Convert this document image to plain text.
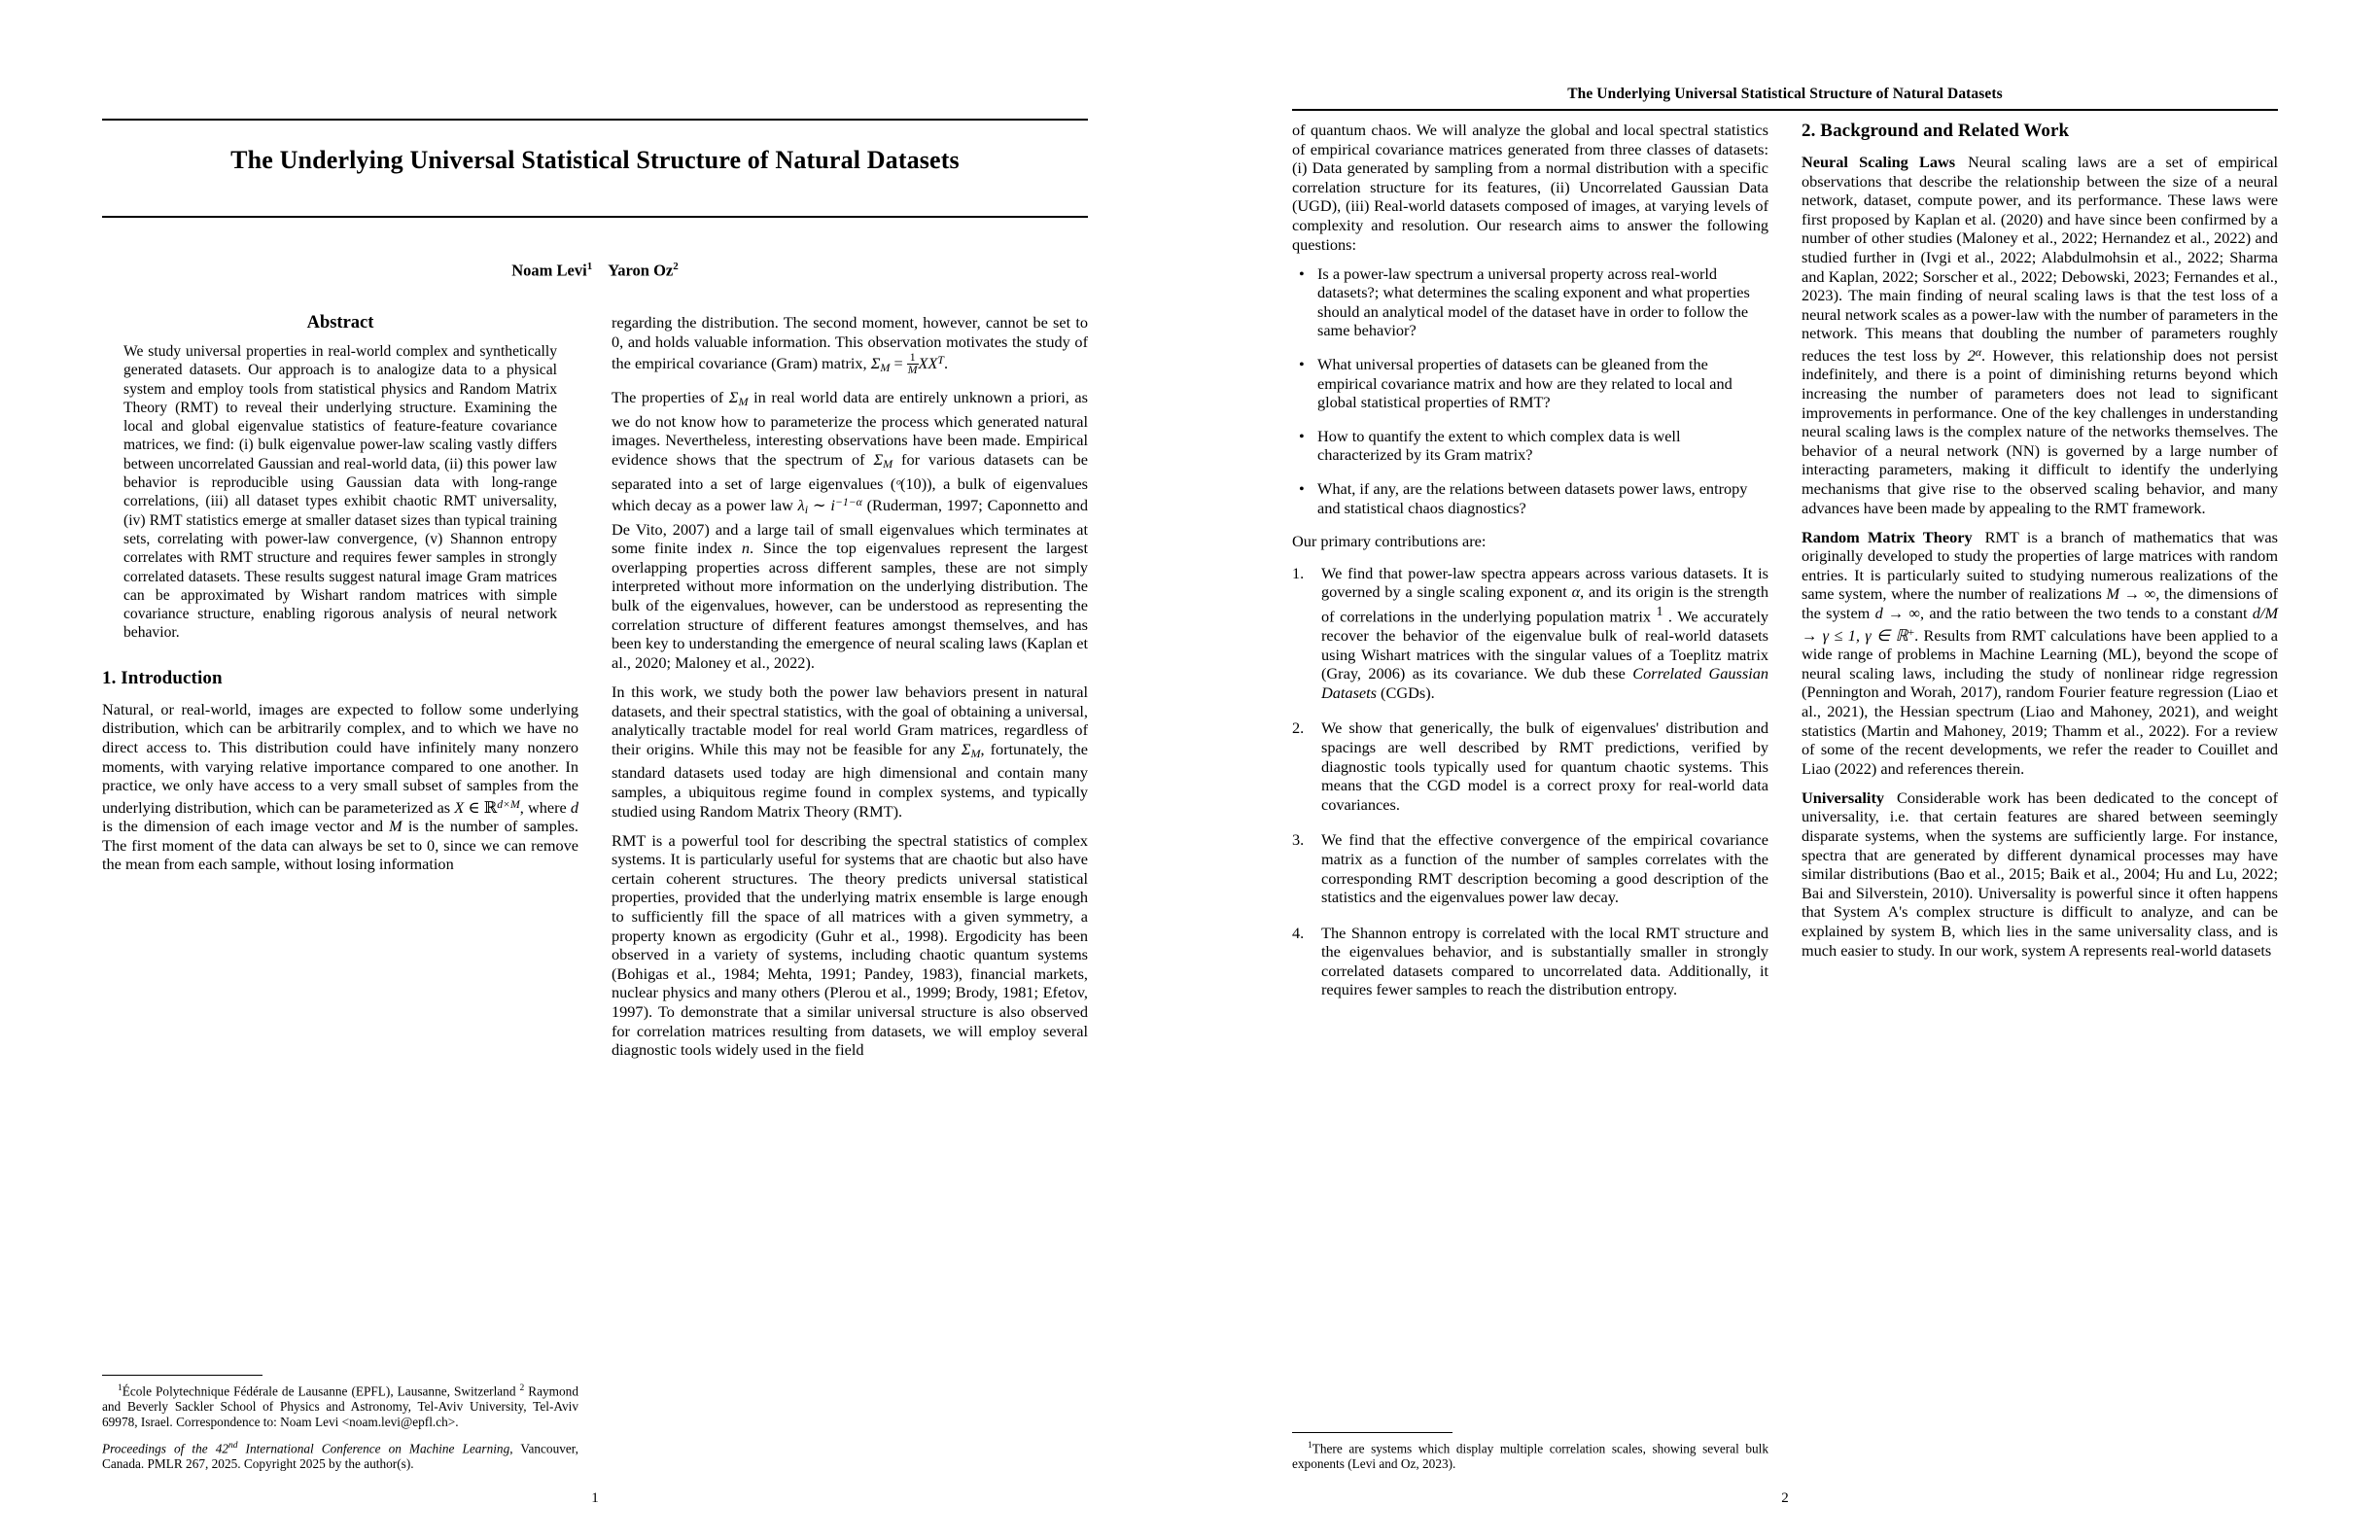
The Underlying Universal Statistical Structure of Natural Datasets
Noam Levi$^1$ Yaron Oz$^2$
Abstract

We study universal properties in real-world complex and synthetically generated datasets. Our approach is to analogize data to a physical system and employ tools from statistical physics and Random Matrix Theory (RMT) to reveal their underlying structure. Examining the local and global eigenvalue statistics of feature-feature covariance matrices, we find: (i) bulk eigenvalue power-law scaling vastly differs between uncorrelated Gaussian and real-world data, (ii) this power law behavior is reproducible using Gaussian data with long-range correlations, (iii) all dataset types exhibit chaotic RMT universality, (iv) RMT statistics emerge at smaller dataset sizes than typical training sets, correlating with power-law convergence, (v) Shannon entropy correlates with RMT structure and requires fewer samples in strongly correlated datasets. These results suggest natural image Gram matrices can be approximated by Wishart random matrices with simple covariance structure, enabling rigorous analysis of neural network behavior.

1. Introduction

Natural, or real-world, images are expected to follow some underlying distribution, which can be arbitrarily complex, and to which we have no direct access to. This distribution could have infinitely many nonzero moments, with varying relative importance compared to one another. In practice, we only have access to a very small subset of samples from the underlying distribution, which can be parameterized as X ∈ ℝ$^{d\times M}$, where d is the dimension of each image vector and M is the number of samples. The first moment of the data can always be set to 0, since we can remove the mean from each sample, without losing information

$^1$École Polytechnique Fédérale de Lausanne (EPFL), Lausanne, Switzerland $^2$ Raymond and Beverly Sackler School of Physics and Astronomy, Tel-Aviv University, Tel-Aviv 69978, Israel. Correspondence to: Noam Levi <noam.levi@epfl.ch>.

Proceedings of the 42nd International Conference on Machine Learning, Vancouver, Canada. PMLR 267, 2025. Copyright 2025 by the author(s).

regarding the distribution. The second moment, however, cannot be set to 0, and holds valuable information. This observation motivates the study of the empirical covariance (Gram) matrix, $\Sigma M = \frac{1}{M} XX^T$.

The properties of ΣM in real world data are entirely unknown a priori, as we do not know how to parameterize the process which generated natural images. Nevertheless, interesting observations have been made. Empirical evidence shows that the spectrum of ΣM for various datasets can be separated into a set of large eigenvalues (ᵒ(10)), a bulk of eigenvalues which decay as a power law λi ∼ $i^{-1-\alpha}$ (Ruderman, 1997; Caponnetto and De Vito, 2007) and a large tail of small eigenvalues which terminates at some finite index n. Since the top eigenvalues represent the largest overlapping properties across different samples, these are not simply interpreted without more information on the underlying distribution. The bulk of the eigenvalues, however, can be understood as representing the correlation structure of different features amongst themselves, and has been key to understanding the emergence of neural scaling laws (Kaplan et al., 2020; Maloney et al., 2022).

In this work, we study both the power law behaviors present in natural datasets, and their spectral statistics, with the goal of obtaining a universal, analytically tractable model for real world Gram matrices, regardless of their origins. While this may not be feasible for any ΣM, fortunately, the standard datasets used today are high dimensional and contain many samples, a ubiquitous regime found in complex systems, and typically studied using Random Matrix Theory (RMT).

RMT is a powerful tool for describing the spectral statistics of complex systems. It is particularly useful for systems that are chaotic but also have certain coherent structures. The theory predicts universal statistical properties, provided that the underlying matrix ensemble is large enough to sufficiently fill the space of all matrices with a given symmetry, a property known as ergodicity (Guhr et al., 1998). Ergodicity has been observed in a variety of systems, including chaotic quantum systems (Bohigas et al., 1984; Mehta, 1991; Pandey, 1983), financial markets, nuclear physics and many others (Plerou et al., 1999; Brody, 1981; Efetov, 1997). To demonstrate that a similar universal structure is also observed for correlation matrices resulting from datasets, we will employ several diagnostic tools widely used in the field

1
The Underlying Universal Statistical Structure of Natural Datasets

of quantum chaos. We will analyze the global and local spectral statistics of empirical covariance matrices generated from three classes of datasets: (i) Data generated by sampling from a normal distribution with a specific correlation structure for its features, (ii) Uncorrelated Gaussian Data (UGD), (iii) Real-world datasets composed of images, at varying levels of complexity and resolution. Our research aims to answer the following questions:

• Is a power-law spectrum a universal property across real-world datasets?; what determines the scaling exponent and what properties should an analytical model of the dataset have in order to follow the same behavior?
• What universal properties of datasets can be gleaned from the empirical covariance matrix and how are they related to local and global statistical properties of RMT?
• How to quantify the extent to which complex data is well characterized by its Gram matrix?
• What, if any, are the relations between datasets power laws, entropy and statistical chaos diagnostics?

Our primary contributions are:

1. We find that power-law spectra appears across various datasets. It is governed by a single scaling exponent α, and its origin is the strength of correlations in the underlying population matrix $^1$ . We accurately recover the behavior of the eigenvalue bulk of real-world datasets using Wishart matrices with the singular values of a Toeplitz matrix (Gray, 2006) as its covariance. We dub these Correlated Gaussian Datasets (CGDs).
2. We show that generically, the bulk of eigenvalues' distribution and spacings are well described by RMT predictions, verified by diagnostic tools typically used for quantum chaotic systems. This means that the CGD model is a correct proxy for real-world data covariances.
3. We find that the effective convergence of the empirical covariance matrix as a function of the number of samples correlates with the corresponding RMT description becoming a good description of the statistics and the eigenvalues power law decay.
4. The Shannon entropy is correlated with the local RMT structure and the eigenvalues behavior, and is substantially smaller in strongly correlated datasets compared to uncorrelated data. Additionally, it requires fewer samples to reach the distribution entropy.

$^1$There are systems which display multiple correlation scales, showing several bulk exponents (Levi and Oz, 2023).

2. Background and Related Work

Neural Scaling Laws Neural scaling laws are a set of empirical observations that describe the relationship between the size of a neural network, dataset, compute power, and its performance. These laws were first proposed by Kaplan et al. (2020) and have since been confirmed by a number of other studies (Maloney et al., 2022; Hernandez et al., 2022) and studied further in (Ivgi et al., 2022; Alabdulmohsin et al., 2022; Sharma and Kaplan, 2022; Sorscher et al., 2022; Debowski, 2023; Fernandes et al., 2023). The main finding of neural scaling laws is that the test loss of a neural network scales as a power-law with the number of parameters in the network. This means that doubling the number of parameters roughly reduces the test loss by $2^\alpha$. However, this relationship does not persist indefinitely, and there is a point of diminishing returns beyond which increasing the number of parameters does not lead to significant improvements in performance. One of the key challenges in understanding neural scaling laws is the complex nature of the networks themselves. The behavior of a neural network (NN) is governed by a large number of interacting parameters, making it difficult to identify the underlying mechanisms that give rise to the observed scaling behavior, and many advances have been made by appealing to the RMT framework.

Random Matrix Theory RMT is a branch of mathematics that was originally developed to study the properties of large matrices with random entries. It is particularly suited to studying numerous realizations of the same system, where the number of realizations M → ∞, the dimensions of the system d → ∞, and the ratio between the two tends to a constant d/M → γ ≤ 1, γ ∈ ℝ+. Results from RMT calculations have been applied to a wide range of problems in Machine Learning (ML), beyond the scope of neural scaling laws, including the study of nonlinear ridge regression (Pennington and Worah, 2017), random Fourier feature regression (Liao et al., 2021), the Hessian spectrum (Liao and Mahoney, 2021), and weight statistics (Martin and Mahoney, 2019; Thamm et al., 2022). For a review of some of the recent developments, we refer the reader to Couillet and Liao (2022) and references therein.

Universality Considerable work has been dedicated to the concept of universality, i.e. that certain features are shared between seemingly disparate systems, when the systems are sufficiently large. For instance, spectra that are generated by different dynamical processes may have similar distributions (Bao et al., 2015; Baik et al., 2004; Hu and Lu, 2022; Bai and Silverstein, 2010). Universality is powerful since it often happens that System A's complex structure is difficult to analyze, and can be explained by system B, which lies in the same universality class, and is much easier to study. In our work, system A represents real-world datasets

2
